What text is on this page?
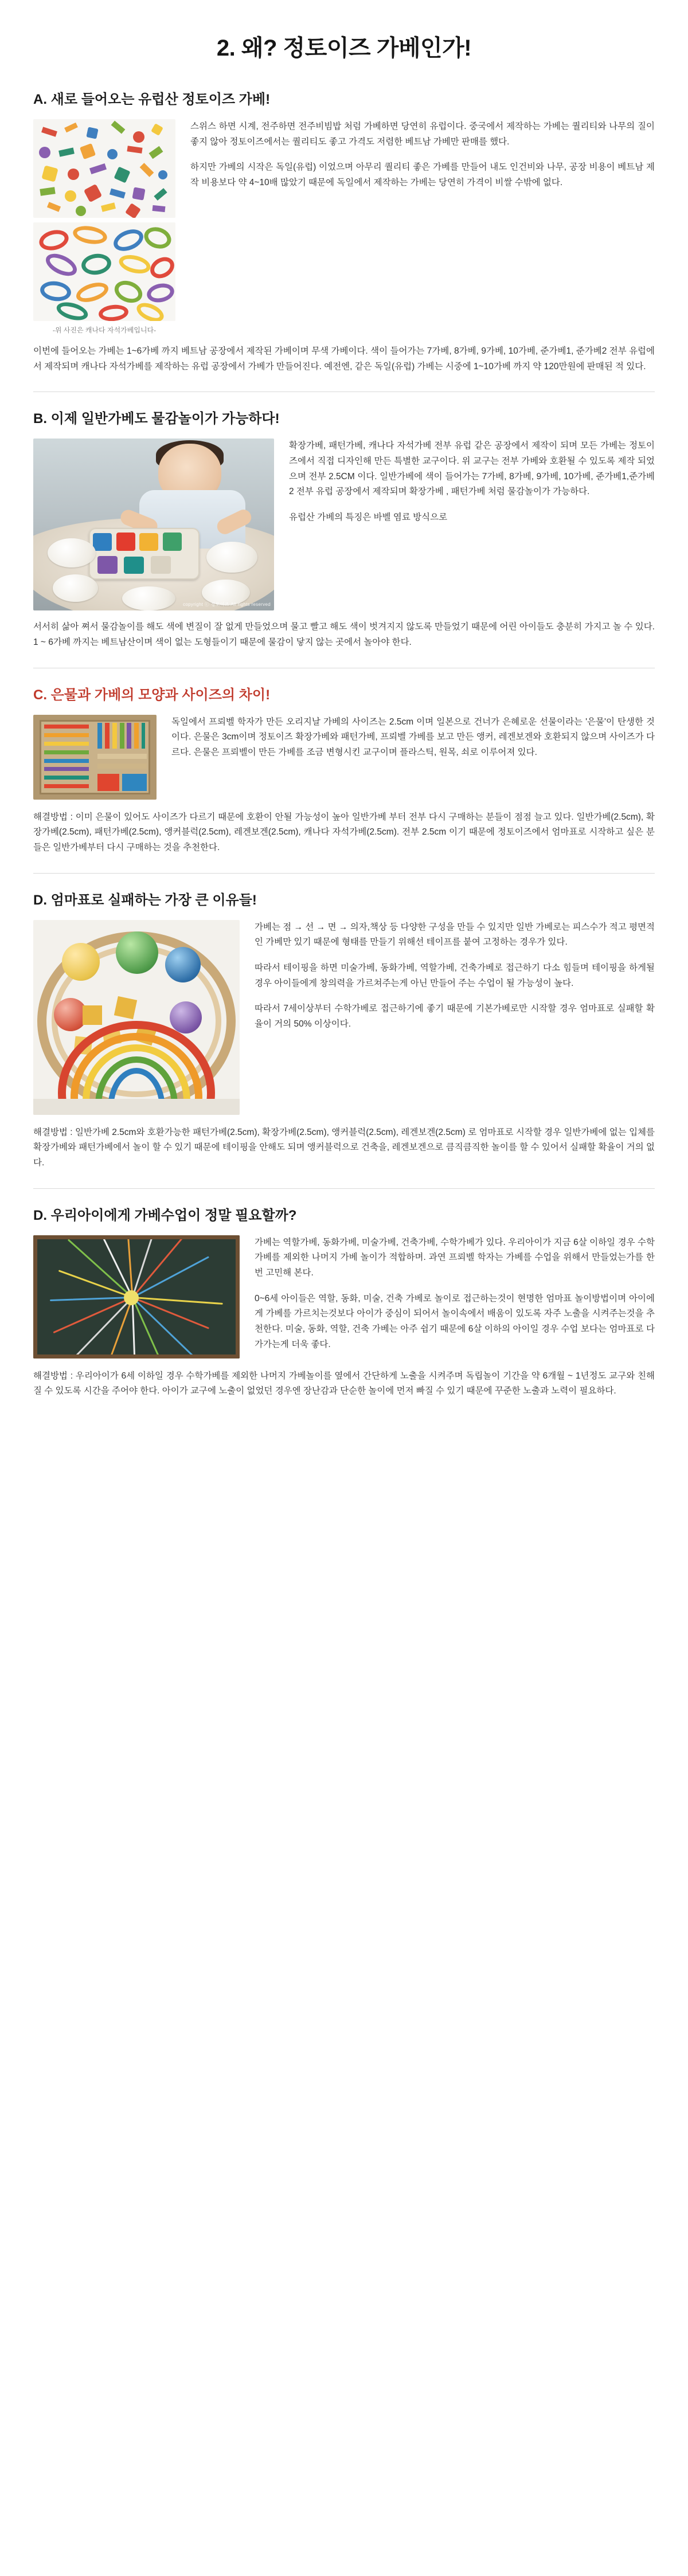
2. 왜? 정토이즈 가베인가!
A. 새로 들어오는 유럽산 정토이즈 가베!
-위 사진은 캐나다 자석가베입니다-

스위스 하면 시계, 전주하면 전주비빔밥 처럼 가베하면 당연히 유럽이다. 중국에서 제작하는 가베는 퀄리티와 나무의 질이 좋지 않아 정토이즈에서는 퀄리티도 좋고 가격도 저렴한 베트남 가베만 판매를 했다.

하지만 가베의 시작은 독일(유럽) 이었으며 아무리 퀄리티 좋은 가베를 만들어 내도 인건비와 나무, 공장 비용이 베트남 제작 비용보다 약 4~10배 많았기 때문에 독일에서 제작하는 가베는 당연히 가격이 비쌀 수밖에 없다.

이번에 들어오는 가베는 1~6가베 까지 베트남 공장에서 제작된 가베이며 무색 가베이다. 색이 들어가는 7가베, 8가베, 9가베, 10가베, 준가베1, 준가베2 전부 유럽에서 제작되며 캐나다 자석가베를 제작하는 유럽 공장에서 가베가 만들어진다. 예전엔, 같은 독일(유럽) 가베는 시중에 1~10가베 까지 약 120만원에 판매된 적 있다.

B. 이제 일반가베도 물감놀이가 가능하다!
copyright ⓒ 정토이즈 All rights reserved

확장가베, 패턴가베, 캐나다 자석가베 전부 유럽 같은 공장에서 제작이 되며 모든 가베는 정토이즈에서 직접 디자인해 만든 특별한 교구이다. 위 교구는 전부 가베와 호환될 수 있도록 제작 되었으며 전부 2.5CM 이다. 일반가베에 색이 들어가는 7가베, 8가베, 9가베, 10가베, 준가베1,준가베2 전부 유럽 공장에서 제작되며 확장가베 , 패턴가베 처럼 물감놀이가 가능하다.

유럽산 가베의 특징은 바벨 염료 방식으로

서서히 삶아 쪄서 물감놀이를 해도 색에 변질이 잘 없게 만들었으며 물고 빨고 해도 색이 벗겨지지 않도록 만들었기 때문에 어린 아이들도 충분히 가지고 놀 수 있다. 1 ~ 6가베 까지는 베트남산이며 색이 없는 도형들이기 때문에 물감이 닿지 않는 곳에서 놀아야 한다.

C. 은물과 가베의 모양과 사이즈의 차이!

독일에서 프뢰벨 학자가 만든 오리지날 가베의 사이즈는 2.5cm 이며 일본으로 건너가 은혜로운 선물이라는 '은물'이 탄생한 것이다. 은물은 3cm이며 정토이즈 확장가베와 패턴가베, 프뢰벨 가베를 보고 만든 앵커, 레겐보겐와 호환되지 않으며 사이즈가 다르다. 은물은 프뢰벨이 만든 가베를 조금 변형시킨 교구이며 플라스틱, 원목, 쇠로 이루어져 있다.

해결방법 : 이미 은물이 있어도 사이즈가 다르기 때문에 호환이 안될 가능성이 높아 일반가베 부터 전부 다시 구매하는 분들이 점점 늘고 있다. 일반가베(2.5cm), 확장가베(2.5cm), 패턴가베(2.5cm), 앵커블럭(2.5cm), 레겐보겐(2.5cm), 캐나다 자석가베(2.5cm). 전부 2.5cm 이기 때문에 정토이즈에서 엄마표로 시작하고 싶은 분들은 일반가베부터 다시 구매하는 것을 추천한다.

D. 엄마표로 실패하는 가장 큰 이유들!

가베는 점 → 선 → 면 → 의자,책상 등 다양한 구성을 만들 수 있지만 일반 가베로는 피스수가 적고 평면적인 가베만 있기 때문에 형태를 만들기 위해선 테이프를 붙여 고정하는 경우가 있다.

따라서 테이핑을 하면 미술가베, 동화가베, 역할가베, 건축가베로 접근하기 다소 힘들며 테이핑을 하게될 경우 아이들에게 창의력을 가르쳐주는게 아닌 만들어 주는 수업이 될 가능성이 높다.

따라서 7세이상부터 수학가베로 접근하기에 좋기 때문에 기본가베로만 시작할 경우 엄마표로 실패할 확율이 거의 50% 이상이다.

해결방법 : 일반가베 2.5cm와 호환가능한 패턴가베(2.5cm), 확장가베(2.5cm), 앵커블럭(2.5cm), 레겐보겐(2.5cm) 로 엄마표로 시작할 경우 일반가베에 없는 입체를 확장가베와 패턴가베에서 놀이 할 수 있기 때문에 테이핑을 안해도 되며 앵커블럭으로 건축을, 레겐보겐으로 큼직큼직한 놀이를 할 수 있어서 실패할 확율이 거의 없다.

D. 우리아이에게 가베수업이 정말 필요할까?

가베는 역할가베, 동화가베, 미술가베, 건축가베, 수학가베가 있다. 우리아이가 지금 6살 이하일 경우 수학가베를 제외한 나머지 가베 놀이가 적합하며. 과연 프뢰벨 학자는 가베를 수업을 위해서 만들었는가를 한번 고민해 본다.

0~6세 아이들은 역할, 동화, 미술, 건축 가베로 놀이로 접근하는것이 현명한 엄마표 놀이방법이며 아이에게 가베를 가르치는것보다 아이가 중심이 되어서 놀이속에서 배움이 있도록 자주 노출을 시켜주는것을 추천한다. 미술, 동화, 역할, 건축 가베는 아주 쉽기 때문에 6살 이하의 아이일 경우 수업 보다는 엄마표로 다가가는게 더욱 좋다.

해결방법 : 우리아이가 6세 이하일 경우 수학가베를 제외한 나머지 가베놀이를 옆에서 간단하게 노출을 시켜주며 독립놀이 기간을 약 6개월 ~ 1년정도 교구와 친해질 수 있도록 시간을 주어야 한다. 아이가 교구에 노출이 없었던 경우엔 장난감과 단순한 놀이에 먼저 빠질 수 있기 때문에 꾸준한 노출과 노력이 필요하다.
